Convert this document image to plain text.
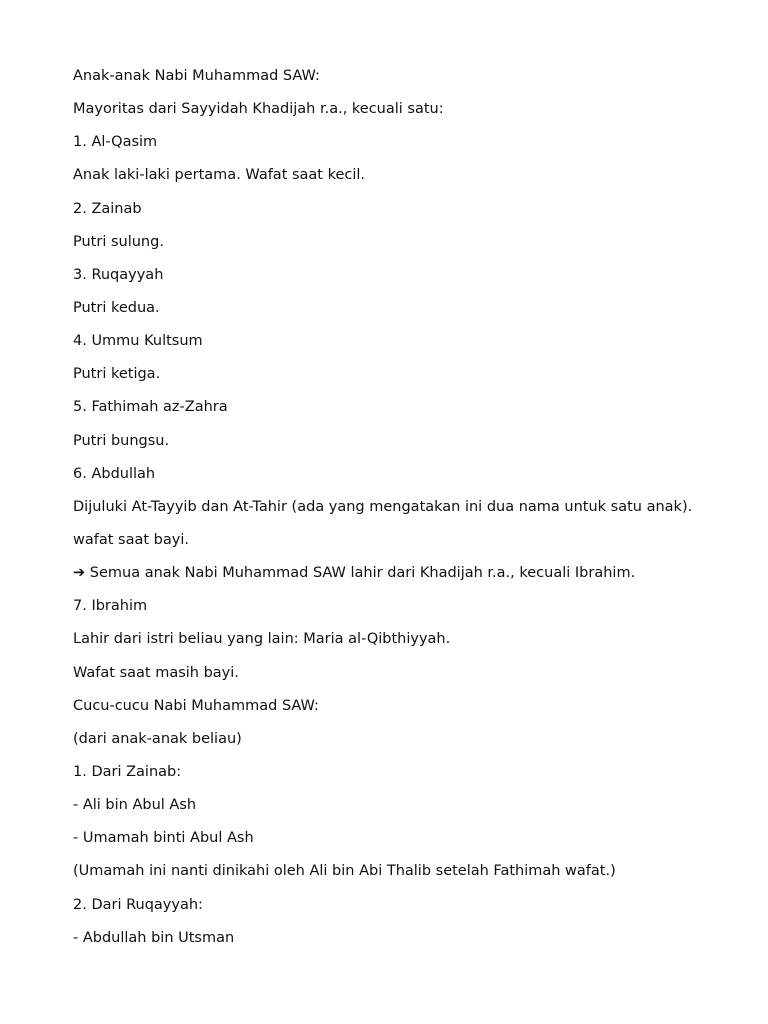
Anak-anak Nabi Muhammad SAW:

Mayoritas dari Sayyidah Khadijah r.a., kecuali satu:

1. Al-Qasim

Anak laki-laki pertama. Wafat saat kecil.

2. Zainab

Putri sulung.

3. Ruqayyah

Putri kedua.

4. Ummu Kultsum

Putri ketiga.

5. Fathimah az-Zahra

Putri bungsu.

6. Abdullah

Dijuluki At-Tayyib dan At-Tahir (ada yang mengatakan ini dua nama untuk satu anak).

wafat saat bayi.

➔ Semua anak Nabi Muhammad SAW lahir dari Khadijah r.a., kecuali Ibrahim.

7. Ibrahim

Lahir dari istri beliau yang lain: Maria al-Qibthiyyah.

Wafat saat masih bayi.

Cucu-cucu Nabi Muhammad SAW:

(dari anak-anak beliau)

1. Dari Zainab:

- Ali bin Abul Ash

- Umamah binti Abul Ash

(Umamah ini nanti dinikahi oleh Ali bin Abi Thalib setelah Fathimah wafat.)

2. Dari Ruqayyah:

- Abdullah bin Utsman
